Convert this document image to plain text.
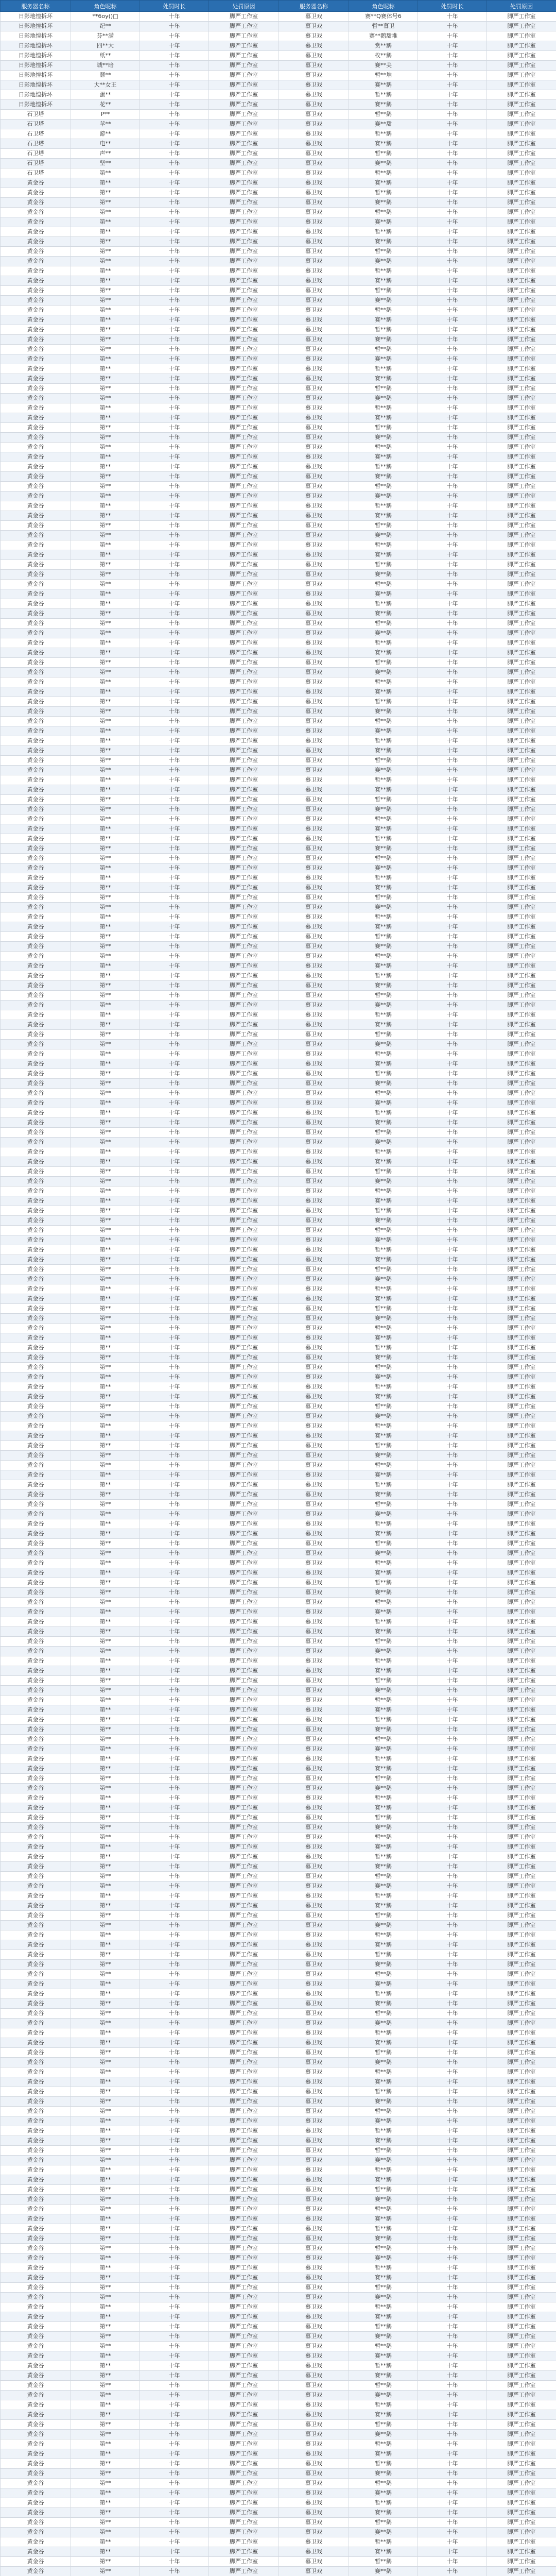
服务器名称	角色昵称	处罚时长	处罚原因	服务器名称	角色昵称	处罚时长	处罚原因
日影地惶拆坏	**6oy()□	十年	脚严工作室	暮卫戏	赛**Q赛体号6	十年	脚严工作室
日影地惶拆坏	纪**	十年	脚严工作室	暮卫戏	暂**暮卫	十年	脚严工作室
日影地惶拆坏	芬**满	十年	脚严工作室	暮卫戏	赛**鹅甜堆	十年	脚严工作室
日影地惶拆坏	四**大	十年	脚严工作室	暮卫戏	赏**鹅	十年	脚严工作室
日影地惶拆坏	纸**	十年	脚严工作室	暮卫戏	枚**鹅	十年	脚严工作室
日影地惶拆坏	城**暗	十年	脚严工作室	暮卫戏	赛**美	十年	脚严工作室
日影地惶拆坏	瑟**	十年	脚严工作室	暮卫戏	暂**堆	十年	脚严工作室
日影地惶拆坏	大**女王	十年	脚严工作室	暮卫戏	赛**鹅	十年	脚严工作室
日影地惶拆坏	蛋**	十年	脚严工作室	暮卫戏	暂**鹅	十年	脚严工作室
日影地惶拆坏	花**	十年	脚严工作室	暮卫戏	赛**鹅	十年	脚严工作室
石卫塔	P**	十年	脚严工作室	暮卫戏	暂**鹅	十年	脚严工作室
石卫塔	苹**	十年	脚严工作室	暮卫戏	赛**甜	十年	脚严工作室
石卫塔	游**	十年	脚严工作室	暮卫戏	暂**鹅	十年	脚严工作室
石卫塔	电**	十年	脚严工作室	暮卫戏	赛**鹅	十年	脚严工作室
石卫塔	声**	十年	脚严工作室	暮卫戏	暂**鹅	十年	脚严工作室
石卫塔	坚**	十年	脚严工作室	暮卫戏	赛**鹅	十年	脚严工作室
石卫塔	第**	十年	脚严工作室	暮卫戏	暂**鹅	十年	脚严工作室
黄金谷	第**	十年	脚严工作室	暮卫戏	赛**鹅	十年	脚严工作室
黄金谷	第**	十年	脚严工作室	暮卫戏	暂**鹅	十年	脚严工作室
黄金谷	第**	十年	脚严工作室	暮卫戏	赛**鹅	十年	脚严工作室
黄金谷	第**	十年	脚严工作室	暮卫戏	暂**鹅	十年	脚严工作室
黄金谷	第**	十年	脚严工作室	暮卫戏	赛**鹅	十年	脚严工作室
黄金谷	第**	十年	脚严工作室	暮卫戏	暂**鹅	十年	脚严工作室
黄金谷	第**	十年	脚严工作室	暮卫戏	赛**鹅	十年	脚严工作室
黄金谷	第**	十年	脚严工作室	暮卫戏	暂**鹅	十年	脚严工作室
黄金谷	第**	十年	脚严工作室	暮卫戏	赛**鹅	十年	脚严工作室
黄金谷	第**	十年	脚严工作室	暮卫戏	暂**鹅	十年	脚严工作室
黄金谷	第**	十年	脚严工作室	暮卫戏	赛**鹅	十年	脚严工作室
黄金谷	第**	十年	脚严工作室	暮卫戏	暂**鹅	十年	脚严工作室
黄金谷	第**	十年	脚严工作室	暮卫戏	赛**鹅	十年	脚严工作室
黄金谷	第**	十年	脚严工作室	暮卫戏	暂**鹅	十年	脚严工作室
黄金谷	第**	十年	脚严工作室	暮卫戏	赛**鹅	十年	脚严工作室
黄金谷	第**	十年	脚严工作室	暮卫戏	暂**鹅	十年	脚严工作室
黄金谷	第**	十年	脚严工作室	暮卫戏	赛**鹅	十年	脚严工作室
黄金谷	第**	十年	脚严工作室	暮卫戏	暂**鹅	十年	脚严工作室
黄金谷	第**	十年	脚严工作室	暮卫戏	赛**鹅	十年	脚严工作室
黄金谷	第**	十年	脚严工作室	暮卫戏	暂**鹅	十年	脚严工作室
黄金谷	第**	十年	脚严工作室	暮卫戏	赛**鹅	十年	脚严工作室
黄金谷	第**	十年	脚严工作室	暮卫戏	暂**鹅	十年	脚严工作室
黄金谷	第**	十年	脚严工作室	暮卫戏	赛**鹅	十年	脚严工作室
黄金谷	第**	十年	脚严工作室	暮卫戏	暂**鹅	十年	脚严工作室
黄金谷	第**	十年	脚严工作室	暮卫戏	赛**鹅	十年	脚严工作室
黄金谷	第**	十年	脚严工作室	暮卫戏	暂**鹅	十年	脚严工作室
黄金谷	第**	十年	脚严工作室	暮卫戏	赛**鹅	十年	脚严工作室
黄金谷	第**	十年	脚严工作室	暮卫戏	暂**鹅	十年	脚严工作室
黄金谷	第**	十年	脚严工作室	暮卫戏	赛**鹅	十年	脚严工作室
黄金谷	第**	十年	脚严工作室	暮卫戏	暂**鹅	十年	脚严工作室
黄金谷	第**	十年	脚严工作室	暮卫戏	赛**鹅	十年	脚严工作室
黄金谷	第**	十年	脚严工作室	暮卫戏	暂**鹅	十年	脚严工作室
黄金谷	第**	十年	脚严工作室	暮卫戏	赛**鹅	十年	脚严工作室
黄金谷	第**	十年	脚严工作室	暮卫戏	暂**鹅	十年	脚严工作室
黄金谷	第**	十年	脚严工作室	暮卫戏	赛**鹅	十年	脚严工作室
黄金谷	第**	十年	脚严工作室	暮卫戏	暂**鹅	十年	脚严工作室
黄金谷	第**	十年	脚严工作室	暮卫戏	赛**鹅	十年	脚严工作室
黄金谷	第**	十年	脚严工作室	暮卫戏	暂**鹅	十年	脚严工作室
黄金谷	第**	十年	脚严工作室	暮卫戏	赛**鹅	十年	脚严工作室
黄金谷	第**	十年	脚严工作室	暮卫戏	暂**鹅	十年	脚严工作室
黄金谷	第**	十年	脚严工作室	暮卫戏	赛**鹅	十年	脚严工作室
黄金谷	第**	十年	脚严工作室	暮卫戏	暂**鹅	十年	脚严工作室
黄金谷	第**	十年	脚严工作室	暮卫戏	赛**鹅	十年	脚严工作室
黄金谷	第**	十年	脚严工作室	暮卫戏	暂**鹅	十年	脚严工作室
黄金谷	第**	十年	脚严工作室	暮卫戏	赛**鹅	十年	脚严工作室
黄金谷	第**	十年	脚严工作室	暮卫戏	暂**鹅	十年	脚严工作室
黄金谷	第**	十年	脚严工作室	暮卫戏	赛**鹅	十年	脚严工作室
黄金谷	第**	十年	脚严工作室	暮卫戏	暂**鹅	十年	脚严工作室
黄金谷	第**	十年	脚严工作室	暮卫戏	赛**鹅	十年	脚严工作室
黄金谷	第**	十年	脚严工作室	暮卫戏	暂**鹅	十年	脚严工作室
黄金谷	第**	十年	脚严工作室	暮卫戏	赛**鹅	十年	脚严工作室
黄金谷	第**	十年	脚严工作室	暮卫戏	暂**鹅	十年	脚严工作室
黄金谷	第**	十年	脚严工作室	暮卫戏	赛**鹅	十年	脚严工作室
黄金谷	第**	十年	脚严工作室	暮卫戏	暂**鹅	十年	脚严工作室
黄金谷	第**	十年	脚严工作室	暮卫戏	赛**鹅	十年	脚严工作室
黄金谷	第**	十年	脚严工作室	暮卫戏	暂**鹅	十年	脚严工作室
黄金谷	第**	十年	脚严工作室	暮卫戏	赛**鹅	十年	脚严工作室
黄金谷	第**	十年	脚严工作室	暮卫戏	暂**鹅	十年	脚严工作室
黄金谷	第**	十年	脚严工作室	暮卫戏	赛**鹅	十年	脚严工作室
黄金谷	第**	十年	脚严工作室	暮卫戏	暂**鹅	十年	脚严工作室
黄金谷	第**	十年	脚严工作室	暮卫戏	赛**鹅	十年	脚严工作室
黄金谷	第**	十年	脚严工作室	暮卫戏	暂**鹅	十年	脚严工作室
黄金谷	第**	十年	脚严工作室	暮卫戏	赛**鹅	十年	脚严工作室
黄金谷	第**	十年	脚严工作室	暮卫戏	暂**鹅	十年	脚严工作室
黄金谷	第**	十年	脚严工作室	暮卫戏	赛**鹅	十年	脚严工作室
黄金谷	第**	十年	脚严工作室	暮卫戏	暂**鹅	十年	脚严工作室
黄金谷	第**	十年	脚严工作室	暮卫戏	赛**鹅	十年	脚严工作室
黄金谷	第**	十年	脚严工作室	暮卫戏	暂**鹅	十年	脚严工作室
黄金谷	第**	十年	脚严工作室	暮卫戏	赛**鹅	十年	脚严工作室
黄金谷	第**	十年	脚严工作室	暮卫戏	暂**鹅	十年	脚严工作室
黄金谷	第**	十年	脚严工作室	暮卫戏	赛**鹅	十年	脚严工作室
黄金谷	第**	十年	脚严工作室	暮卫戏	暂**鹅	十年	脚严工作室
黄金谷	第**	十年	脚严工作室	暮卫戏	赛**鹅	十年	脚严工作室
黄金谷	第**	十年	脚严工作室	暮卫戏	暂**鹅	十年	脚严工作室
黄金谷	第**	十年	脚严工作室	暮卫戏	赛**鹅	十年	脚严工作室
黄金谷	第**	十年	脚严工作室	暮卫戏	暂**鹅	十年	脚严工作室
黄金谷	第**	十年	脚严工作室	暮卫戏	赛**鹅	十年	脚严工作室
黄金谷	第**	十年	脚严工作室	暮卫戏	暂**鹅	十年	脚严工作室
黄金谷	第**	十年	脚严工作室	暮卫戏	赛**鹅	十年	脚严工作室
黄金谷	第**	十年	脚严工作室	暮卫戏	暂**鹅	十年	脚严工作室
黄金谷	第**	十年	脚严工作室	暮卫戏	赛**鹅	十年	脚严工作室
黄金谷	第**	十年	脚严工作室	暮卫戏	暂**鹅	十年	脚严工作室
黄金谷	第**	十年	脚严工作室	暮卫戏	赛**鹅	十年	脚严工作室
黄金谷	第**	十年	脚严工作室	暮卫戏	暂**鹅	十年	脚严工作室
黄金谷	第**	十年	脚严工作室	暮卫戏	赛**鹅	十年	脚严工作室
黄金谷	第**	十年	脚严工作室	暮卫戏	暂**鹅	十年	脚严工作室
黄金谷	第**	十年	脚严工作室	暮卫戏	赛**鹅	十年	脚严工作室
黄金谷	第**	十年	脚严工作室	暮卫戏	暂**鹅	十年	脚严工作室
黄金谷	第**	十年	脚严工作室	暮卫戏	赛**鹅	十年	脚严工作室
黄金谷	第**	十年	脚严工作室	暮卫戏	暂**鹅	十年	脚严工作室
黄金谷	第**	十年	脚严工作室	暮卫戏	赛**鹅	十年	脚严工作室
黄金谷	第**	十年	脚严工作室	暮卫戏	暂**鹅	十年	脚严工作室
黄金谷	第**	十年	脚严工作室	暮卫戏	赛**鹅	十年	脚严工作室
黄金谷	第**	十年	脚严工作室	暮卫戏	暂**鹅	十年	脚严工作室
黄金谷	第**	十年	脚严工作室	暮卫戏	赛**鹅	十年	脚严工作室
黄金谷	第**	十年	脚严工作室	暮卫戏	暂**鹅	十年	脚严工作室
黄金谷	第**	十年	脚严工作室	暮卫戏	赛**鹅	十年	脚严工作室
黄金谷	第**	十年	脚严工作室	暮卫戏	暂**鹅	十年	脚严工作室
黄金谷	第**	十年	脚严工作室	暮卫戏	赛**鹅	十年	脚严工作室
黄金谷	第**	十年	脚严工作室	暮卫戏	暂**鹅	十年	脚严工作室
黄金谷	第**	十年	脚严工作室	暮卫戏	赛**鹅	十年	脚严工作室
黄金谷	第**	十年	脚严工作室	暮卫戏	暂**鹅	十年	脚严工作室
黄金谷	第**	十年	脚严工作室	暮卫戏	赛**鹅	十年	脚严工作室
黄金谷	第**	十年	脚严工作室	暮卫戏	暂**鹅	十年	脚严工作室
黄金谷	第**	十年	脚严工作室	暮卫戏	赛**鹅	十年	脚严工作室
黄金谷	第**	十年	脚严工作室	暮卫戏	暂**鹅	十年	脚严工作室
黄金谷	第**	十年	脚严工作室	暮卫戏	赛**鹅	十年	脚严工作室
黄金谷	第**	十年	脚严工作室	暮卫戏	暂**鹅	十年	脚严工作室
黄金谷	第**	十年	脚严工作室	暮卫戏	赛**鹅	十年	脚严工作室
黄金谷	第**	十年	脚严工作室	暮卫戏	暂**鹅	十年	脚严工作室
黄金谷	第**	十年	脚严工作室	暮卫戏	赛**鹅	十年	脚严工作室
黄金谷	第**	十年	脚严工作室	暮卫戏	暂**鹅	十年	脚严工作室
黄金谷	第**	十年	脚严工作室	暮卫戏	赛**鹅	十年	脚严工作室
黄金谷	第**	十年	脚严工作室	暮卫戏	暂**鹅	十年	脚严工作室
黄金谷	第**	十年	脚严工作室	暮卫戏	赛**鹅	十年	脚严工作室
黄金谷	第**	十年	脚严工作室	暮卫戏	暂**鹅	十年	脚严工作室
黄金谷	第**	十年	脚严工作室	暮卫戏	赛**鹅	十年	脚严工作室
黄金谷	第**	十年	脚严工作室	暮卫戏	暂**鹅	十年	脚严工作室
黄金谷	第**	十年	脚严工作室	暮卫戏	赛**鹅	十年	脚严工作室
黄金谷	第**	十年	脚严工作室	暮卫戏	暂**鹅	十年	脚严工作室
黄金谷	第**	十年	脚严工作室	暮卫戏	赛**鹅	十年	脚严工作室
黄金谷	第**	十年	脚严工作室	暮卫戏	暂**鹅	十年	脚严工作室
黄金谷	第**	十年	脚严工作室	暮卫戏	赛**鹅	十年	脚严工作室
黄金谷	第**	十年	脚严工作室	暮卫戏	暂**鹅	十年	脚严工作室
黄金谷	第**	十年	脚严工作室	暮卫戏	赛**鹅	十年	脚严工作室
黄金谷	第**	十年	脚严工作室	暮卫戏	暂**鹅	十年	脚严工作室
黄金谷	第**	十年	脚严工作室	暮卫戏	赛**鹅	十年	脚严工作室
黄金谷	第**	十年	脚严工作室	暮卫戏	暂**鹅	十年	脚严工作室
黄金谷	第**	十年	脚严工作室	暮卫戏	赛**鹅	十年	脚严工作室
黄金谷	第**	十年	脚严工作室	暮卫戏	暂**鹅	十年	脚严工作室
黄金谷	第**	十年	脚严工作室	暮卫戏	赛**鹅	十年	脚严工作室
黄金谷	第**	十年	脚严工作室	暮卫戏	暂**鹅	十年	脚严工作室
黄金谷	第**	十年	脚严工作室	暮卫戏	赛**鹅	十年	脚严工作室
黄金谷	第**	十年	脚严工作室	暮卫戏	暂**鹅	十年	脚严工作室
黄金谷	第**	十年	脚严工作室	暮卫戏	赛**鹅	十年	脚严工作室
黄金谷	第**	十年	脚严工作室	暮卫戏	暂**鹅	十年	脚严工作室
黄金谷	第**	十年	脚严工作室	暮卫戏	赛**鹅	十年	脚严工作室
黄金谷	第**	十年	脚严工作室	暮卫戏	暂**鹅	十年	脚严工作室
黄金谷	第**	十年	脚严工作室	暮卫戏	赛**鹅	十年	脚严工作室
黄金谷	第**	十年	脚严工作室	暮卫戏	暂**鹅	十年	脚严工作室
黄金谷	第**	十年	脚严工作室	暮卫戏	赛**鹅	十年	脚严工作室
黄金谷	第**	十年	脚严工作室	暮卫戏	暂**鹅	十年	脚严工作室
黄金谷	第**	十年	脚严工作室	暮卫戏	赛**鹅	十年	脚严工作室
黄金谷	第**	十年	脚严工作室	暮卫戏	暂**鹅	十年	脚严工作室
黄金谷	第**	十年	脚严工作室	暮卫戏	赛**鹅	十年	脚严工作室
黄金谷	第**	十年	脚严工作室	暮卫戏	暂**鹅	十年	脚严工作室
黄金谷	第**	十年	脚严工作室	暮卫戏	赛**鹅	十年	脚严工作室
黄金谷	第**	十年	脚严工作室	暮卫戏	暂**鹅	十年	脚严工作室
黄金谷	第**	十年	脚严工作室	暮卫戏	赛**鹅	十年	脚严工作室
黄金谷	第**	十年	脚严工作室	暮卫戏	暂**鹅	十年	脚严工作室
黄金谷	第**	十年	脚严工作室	暮卫戏	赛**鹅	十年	脚严工作室
黄金谷	第**	十年	脚严工作室	暮卫戏	暂**鹅	十年	脚严工作室
黄金谷	第**	十年	脚严工作室	暮卫戏	赛**鹅	十年	脚严工作室
黄金谷	第**	十年	脚严工作室	暮卫戏	暂**鹅	十年	脚严工作室
黄金谷	第**	十年	脚严工作室	暮卫戏	赛**鹅	十年	脚严工作室
黄金谷	第**	十年	脚严工作室	暮卫戏	暂**鹅	十年	脚严工作室
黄金谷	第**	十年	脚严工作室	暮卫戏	赛**鹅	十年	脚严工作室
黄金谷	第**	十年	脚严工作室	暮卫戏	暂**鹅	十年	脚严工作室
黄金谷	第**	十年	脚严工作室	暮卫戏	赛**鹅	十年	脚严工作室
黄金谷	第**	十年	脚严工作室	暮卫戏	暂**鹅	十年	脚严工作室
黄金谷	第**	十年	脚严工作室	暮卫戏	赛**鹅	十年	脚严工作室
黄金谷	第**	十年	脚严工作室	暮卫戏	暂**鹅	十年	脚严工作室
黄金谷	第**	十年	脚严工作室	暮卫戏	赛**鹅	十年	脚严工作室
黄金谷	第**	十年	脚严工作室	暮卫戏	暂**鹅	十年	脚严工作室
黄金谷	第**	十年	脚严工作室	暮卫戏	赛**鹅	十年	脚严工作室
黄金谷	第**	十年	脚严工作室	暮卫戏	暂**鹅	十年	脚严工作室
黄金谷	第**	十年	脚严工作室	暮卫戏	赛**鹅	十年	脚严工作室
黄金谷	第**	十年	脚严工作室	暮卫戏	暂**鹅	十年	脚严工作室
黄金谷	第**	十年	脚严工作室	暮卫戏	赛**鹅	十年	脚严工作室
黄金谷	第**	十年	脚严工作室	暮卫戏	暂**鹅	十年	脚严工作室
黄金谷	第**	十年	脚严工作室	暮卫戏	赛**鹅	十年	脚严工作室
黄金谷	第**	十年	脚严工作室	暮卫戏	暂**鹅	十年	脚严工作室
黄金谷	第**	十年	脚严工作室	暮卫戏	赛**鹅	十年	脚严工作室
黄金谷	第**	十年	脚严工作室	暮卫戏	暂**鹅	十年	脚严工作室
黄金谷	第**	十年	脚严工作室	暮卫戏	赛**鹅	十年	脚严工作室
黄金谷	第**	十年	脚严工作室	暮卫戏	暂**鹅	十年	脚严工作室
黄金谷	第**	十年	脚严工作室	暮卫戏	赛**鹅	十年	脚严工作室
黄金谷	第**	十年	脚严工作室	暮卫戏	暂**鹅	十年	脚严工作室
黄金谷	第**	十年	脚严工作室	暮卫戏	赛**鹅	十年	脚严工作室
黄金谷	第**	十年	脚严工作室	暮卫戏	暂**鹅	十年	脚严工作室
黄金谷	第**	十年	脚严工作室	暮卫戏	赛**鹅	十年	脚严工作室
黄金谷	第**	十年	脚严工作室	暮卫戏	暂**鹅	十年	脚严工作室
黄金谷	第**	十年	脚严工作室	暮卫戏	赛**鹅	十年	脚严工作室
黄金谷	第**	十年	脚严工作室	暮卫戏	暂**鹅	十年	脚严工作室
黄金谷	第**	十年	脚严工作室	暮卫戏	赛**鹅	十年	脚严工作室
黄金谷	第**	十年	脚严工作室	暮卫戏	暂**鹅	十年	脚严工作室
黄金谷	第**	十年	脚严工作室	暮卫戏	赛**鹅	十年	脚严工作室
黄金谷	第**	十年	脚严工作室	暮卫戏	暂**鹅	十年	脚严工作室
黄金谷	第**	十年	脚严工作室	暮卫戏	赛**鹅	十年	脚严工作室
黄金谷	第**	十年	脚严工作室	暮卫戏	暂**鹅	十年	脚严工作室
黄金谷	第**	十年	脚严工作室	暮卫戏	赛**鹅	十年	脚严工作室
黄金谷	第**	十年	脚严工作室	暮卫戏	暂**鹅	十年	脚严工作室
黄金谷	第**	十年	脚严工作室	暮卫戏	赛**鹅	十年	脚严工作室
黄金谷	第**	十年	脚严工作室	暮卫戏	暂**鹅	十年	脚严工作室
黄金谷	第**	十年	脚严工作室	暮卫戏	赛**鹅	十年	脚严工作室
黄金谷	第**	十年	脚严工作室	暮卫戏	暂**鹅	十年	脚严工作室
黄金谷	第**	十年	脚严工作室	暮卫戏	赛**鹅	十年	脚严工作室
黄金谷	第**	十年	脚严工作室	暮卫戏	暂**鹅	十年	脚严工作室
黄金谷	第**	十年	脚严工作室	暮卫戏	赛**鹅	十年	脚严工作室
黄金谷	第**	十年	脚严工作室	暮卫戏	暂**鹅	十年	脚严工作室
黄金谷	第**	十年	脚严工作室	暮卫戏	赛**鹅	十年	脚严工作室
黄金谷	第**	十年	脚严工作室	暮卫戏	暂**鹅	十年	脚严工作室
黄金谷	第**	十年	脚严工作室	暮卫戏	赛**鹅	十年	脚严工作室
黄金谷	第**	十年	脚严工作室	暮卫戏	暂**鹅	十年	脚严工作室
黄金谷	第**	十年	脚严工作室	暮卫戏	赛**鹅	十年	脚严工作室
黄金谷	第**	十年	脚严工作室	暮卫戏	暂**鹅	十年	脚严工作室
黄金谷	第**	十年	脚严工作室	暮卫戏	赛**鹅	十年	脚严工作室
黄金谷	第**	十年	脚严工作室	暮卫戏	暂**鹅	十年	脚严工作室
黄金谷	第**	十年	脚严工作室	暮卫戏	赛**鹅	十年	脚严工作室
黄金谷	第**	十年	脚严工作室	暮卫戏	暂**鹅	十年	脚严工作室
黄金谷	第**	十年	脚严工作室	暮卫戏	赛**鹅	十年	脚严工作室
黄金谷	第**	十年	脚严工作室	暮卫戏	暂**鹅	十年	脚严工作室
黄金谷	第**	十年	脚严工作室	暮卫戏	赛**鹅	十年	脚严工作室
黄金谷	第**	十年	脚严工作室	暮卫戏	暂**鹅	十年	脚严工作室
黄金谷	第**	十年	脚严工作室	暮卫戏	赛**鹅	十年	脚严工作室
黄金谷	第**	十年	脚严工作室	暮卫戏	暂**鹅	十年	脚严工作室
黄金谷	第**	十年	脚严工作室	暮卫戏	赛**鹅	十年	脚严工作室
黄金谷	第**	十年	脚严工作室	暮卫戏	暂**鹅	十年	脚严工作室
黄金谷	第**	十年	脚严工作室	暮卫戏	赛**鹅	十年	脚严工作室
黄金谷	第**	十年	脚严工作室	暮卫戏	暂**鹅	十年	脚严工作室
黄金谷	第**	十年	脚严工作室	暮卫戏	赛**鹅	十年	脚严工作室
黄金谷	第**	十年	脚严工作室	暮卫戏	暂**鹅	十年	脚严工作室
黄金谷	第**	十年	脚严工作室	暮卫戏	赛**鹅	十年	脚严工作室
黄金谷	第**	十年	脚严工作室	暮卫戏	暂**鹅	十年	脚严工作室
黄金谷	第**	十年	脚严工作室	暮卫戏	赛**鹅	十年	脚严工作室
黄金谷	第**	十年	脚严工作室	暮卫戏	暂**鹅	十年	脚严工作室
黄金谷	第**	十年	脚严工作室	暮卫戏	赛**鹅	十年	脚严工作室
黄金谷	第**	十年	脚严工作室	暮卫戏	暂**鹅	十年	脚严工作室
黄金谷	第**	十年	脚严工作室	暮卫戏	赛**鹅	十年	脚严工作室
黄金谷	第**	十年	脚严工作室	暮卫戏	暂**鹅	十年	脚严工作室
黄金谷	第**	十年	脚严工作室	暮卫戏	赛**鹅	十年	脚严工作室
黄金谷	第**	十年	脚严工作室	暮卫戏	暂**鹅	十年	脚严工作室
黄金谷	第**	十年	脚严工作室	暮卫戏	赛**鹅	十年	脚严工作室
黄金谷	第**	十年	脚严工作室	暮卫戏	暂**鹅	十年	脚严工作室
黄金谷	第**	十年	脚严工作室	暮卫戏	赛**鹅	十年	脚严工作室
黄金谷	第**	十年	脚严工作室	暮卫戏	暂**鹅	十年	脚严工作室
黄金谷	第**	十年	脚严工作室	暮卫戏	赛**鹅	十年	脚严工作室
黄金谷	第**	十年	脚严工作室	暮卫戏	暂**鹅	十年	脚严工作室
黄金谷	第**	十年	脚严工作室	暮卫戏	赛**鹅	十年	脚严工作室
黄金谷	第**	十年	脚严工作室	暮卫戏	暂**鹅	十年	脚严工作室
黄金谷	第**	十年	脚严工作室	暮卫戏	赛**鹅	十年	脚严工作室
黄金谷	第**	十年	脚严工作室	暮卫戏	暂**鹅	十年	脚严工作室
黄金谷	第**	十年	脚严工作室	暮卫戏	赛**鹅	十年	脚严工作室
黄金谷	第**	十年	脚严工作室	暮卫戏	暂**鹅	十年	脚严工作室
黄金谷	第**	十年	脚严工作室	暮卫戏	赛**鹅	十年	脚严工作室
